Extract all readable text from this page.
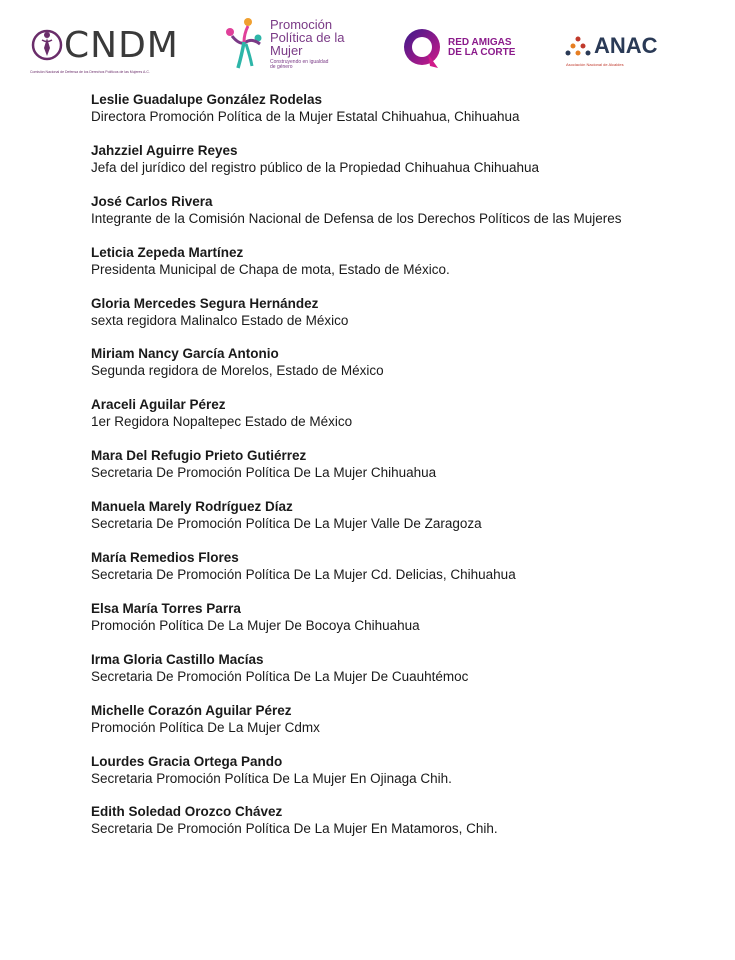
CNDM
Comisión Nacional de Defensa de los Derechos Políticos de las Mujeres A.C.
Promoción Política de la Mujer
Construyendo en igualdad de género
RED AMIGAS DE LA CORTE	ANAC
Asociación Nacional de Alcaldes
Leslie Guadalupe González Rodelas
Directora Promoción Política de la Mujer Estatal Chihuahua, Chihuahua
Jahzziel Aguirre Reyes
Jefa del jurídico del registro público de la Propiedad Chihuahua Chihuahua
José Carlos Rivera
Integrante de la Comisión Nacional de Defensa de los Derechos Políticos de las Mujeres
Leticia Zepeda Martínez
Presidenta Municipal de Chapa de mota, Estado de México.
Gloria Mercedes Segura Hernández
sexta regidora Malinalco Estado de México
Miriam Nancy García Antonio
Segunda regidora de Morelos, Estado de México
Araceli Aguilar Pérez
1er Regidora Nopaltepec Estado de México
Mara Del Refugio Prieto Gutiérrez
Secretaria De Promoción Política De La Mujer Chihuahua
Manuela Marely Rodríguez Díaz
Secretaria De Promoción Política De La Mujer Valle De Zaragoza
María Remedios Flores
Secretaria De Promoción Política De La Mujer Cd. Delicias, Chihuahua
Elsa María Torres Parra
Promoción Política De La Mujer De Bocoya Chihuahua
Irma Gloria Castillo Macías
Secretaria De Promoción Política De La Mujer De Cuauhtémoc
Michelle Corazón Aguilar Pérez
Promoción Política De La Mujer Cdmx
Lourdes Gracia Ortega Pando
Secretaria Promoción Política De La Mujer En Ojinaga Chih.
Edith Soledad Orozco Chávez
Secretaria De Promoción Política De La Mujer En Matamoros, Chih.
